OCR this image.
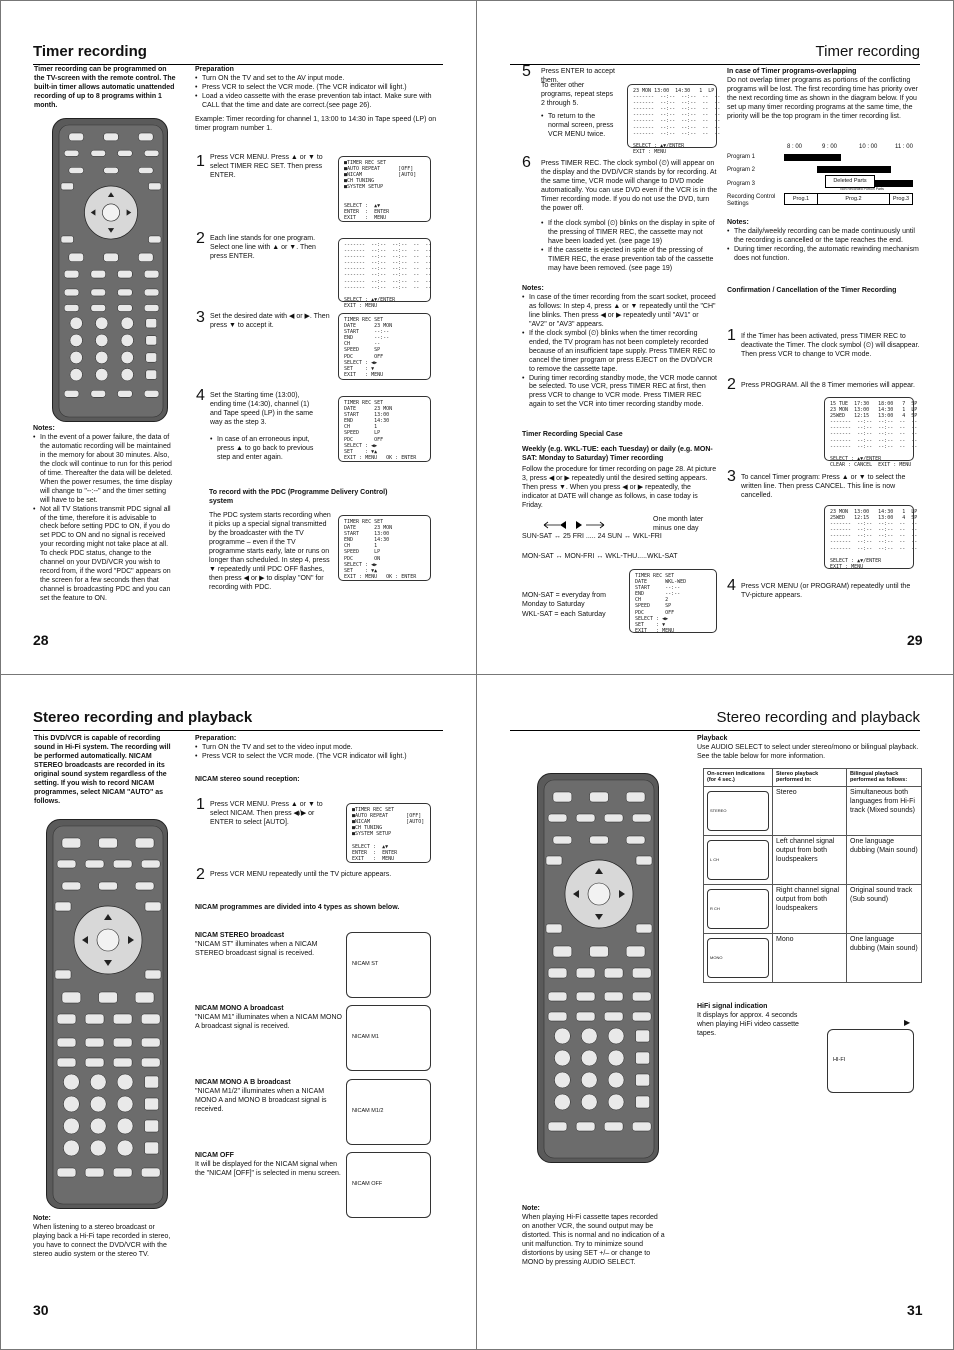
Timer recording
Timer recording can be programmed on the TV-screen with the remote control. The built-in timer allows automatic unattended recording of up to 8 programs within 1 month.
Notes:
• In the event of a power failure, the data of the automatic recording will be maintained in the memory for about 30 minutes. Also, the clock will continue to run for this period of time. Thereafter the data will be deleted. When the power resumes, the time display will change to "--:--" and the timer setting will have to be set.
• Not all TV Stations transmit PDC signal all of the time, therefore it is advisable to check before setting PDC to ON, if you do set PDC to ON and no signal is received your recording might not take place at all. To check PDC status, change to the channel on your DVD/VCR you wish to record from, if the word "PDC" appears on the screen for a few seconds then that channel is broadcasting PDC and you can set the feature to ON.
Preparation
• Turn ON the TV and set to the AV input mode.
• Press VCR to select the VCR mode. (The VCR indicator will light.)
• Load a video cassette with the erase prevention tab intact. Make sure with CALL that the time and date are correct.(see page 26).

Example: Timer recording for channel 1, 13:00 to 14:30 in Tape speed (LP) on timer program number 1.

1 Press VCR MENU. Press ▲ or ▼ to select TIMER REC SET. Then press ENTER.
■TIMER REC SET
■AUTO REPEAT      [OFF]
■NICAM            [AUTO]
■CH TUNING
■SYSTEM SETUP

SELECT :  ▲▼
ENTER  :  ENTER
EXIT   :  MENU
2 Each line stands for one program. Select one line with ▲ or ▼. Then press ENTER.
-------  --:--  --:--  --  --
-------  --:--  --:--  --  --
-------  --:--  --:--  --  --
-------  --:--  --:--  --  --
-------  --:--  --:--  --  --
-------  --:--  --:--  --  --
-------  --:--  --:--  --  --
-------  --:--  --:--  --  --

SELECT : ▲▼/ENTER
EXIT : MENU
3 Set the desired date with ◀ or ▶. Then press ▼ to accept it.
TIMER REC SET
DATE      23 MON
START     --:--
END       --:--
CH        --
SPEED     SP
PDC       OFF
SELECT : ◀▶
SET    : ▼
EXIT   : MENU
4 Set the Starting time (13:00), ending time (14:30), channel (1) and Tape speed (LP) in the same way as the step 3.
• In case of an erroneous input, press ▲ to go back to previous step and enter again.
TIMER REC SET
DATE      23 MON
START     13:00
END       14:30
CH        1
SPEED     LP
PDC       OFF
SELECT : ◀▶
SET    : ▼▲
EXIT : MENU   OK : ENTER
To record with the PDC (Programme Delivery Control) system
The PDC system starts recording when it picks up a special signal transmitted by the broadcaster with the TV programme – even if the TV programme starts early, late or runs on longer than scheduled. In step 4, press ▼ repeatedly until PDC OFF flashes, then press ◀ or ▶ to display "ON" for recording with PDC.
TIMER REC SET
DATE      23 MON
START     13:00
END       14:30
CH        1
SPEED     LP
PDC       ON
SELECT : ◀▶
SET    : ▼▲
EXIT : MENU   OK : ENTER
28
Timer recording
5 Press ENTER to accept them.
To enter other programs, repeat steps 2 through 5.
• To return to the normal screen, press VCR MENU twice.
23 MON 13:00  14:30   1  LP
-------  --:--  --:--  --  --
-------  --:--  --:--  --  --
-------  --:--  --:--  --  --
-------  --:--  --:--  --  --
-------  --:--  --:--  --  --
-------  --:--  --:--  --  --
-------  --:--  --:--  --  --

SELECT : ▲▼/ENTER
EXIT : MENU
6 Press TIMER REC. The clock symbol (⏲) will appear on the display and the DVD/VCR stands by for recording. At the same time, VCR mode will change to DVD mode automatically. You can use DVD even if the VCR is in the Timer recording mode. If you do not use the DVD, turn the power off.
• If the clock symbol (⏲) blinks on the display in spite of the pressing of TIMER REC, the cassette may not have been loaded yet. (see page 19)
• If the cassette is ejected in spite of the pressing of TIMER REC, the erase prevention tab of the cassette may have been removed. (see page 19)
Notes:
• In case of the timer recording from the scart socket, proceed as follows: In step 4, press ▲ or ▼ repeatedly until the "CH" line blinks. Then press ◀ or ▶ repeatedly until "AV1" or "AV2" or "AV3" appears.
• If the clock symbol (⏲) blinks when the timer recording ended, the TV program has not been completely recorded because of an insufficient tape supply. Press TIMER REC to cancel the timer program or press EJECT on the DVD/VCR to remove the cassette tape.
• During timer recording standby mode, the VCR mode cannot be selected. To use VCR, press TIMER REC at first, then press VCR to change to VCR mode. Press TIMER REC again to set the VCR into timer recording standby mode.
Timer Recording Special Case
Weekly (e.g. WKL-TUE: each Tuesday) or daily (e.g. MON-SAT: Monday to Saturday) Timer recording
Follow the procedure for timer recording on page 28. At picture 3, press ◀ or ▶ repeatedly until the desired setting appears. Then press ▼. When you press ◀ or ▶ repeatedly, the indicator at DATE will change as follows, in case today is Friday.
One month later minus one day
SUN-SAT ↔ 25 FRI ..... 24 SUN ↔ WKL-FRI
MON-SAT ↔ MON-FRI ↔ WKL-THU.....WKL-SAT
MON-SAT = everyday from Monday to Saturday
WKL-SAT = each Saturday
TIMER REC SET
DATE      WKL-WED
START     --:--
END       --:--
CH        2
SPEED     SP
PDC       OFF
SELECT : ◀▶
SET    : ▼
EXIT   : MENU
In case of Timer programs-overlapping
Do not overlap timer programs as portions of the conflicting programs will be lost. The first recording time has priority over the next recording time as shown in the diagram below. If you set up many timer recording programs at the same time, the priority will be the top program in the timer recording list.
8 : 00	9 : 00	10 : 00	11 : 00
Program 1
Program 2
Program 3
Recording Control Settings
Deleted Parts
Non Recorded Portion Parts
Prog.1	Prog.2	Prog.3
Notes:
• The daily/weekly recording can be made continuously until the recording is cancelled or the tape reaches the end.
• During timer recording, the automatic rewinding mechanism does not function.
Confirmation / Cancellation of the Timer Recording
1 If the Timer has been activated, press TIMER REC to deactivate the Timer. The clock symbol (⏲) will disappear. Then press VCR to change to VCR mode.
2 Press PROGRAM. All the 8 Timer memories will appear.
15 TUE  17:30   18:00   7  SP
23 MON  13:00   14:30   1  LP
25WED   12:15   13:00   4  SP
-------  --:--  --:--  --  --
-------  --:--  --:--  --  --
-------  --:--  --:--  --  --
-------  --:--  --:--  --  --
-------  --:--  --:--  --  --

SELECT : ▲▼/ENTER
CLEAR : CANCEL  EXIT : MENU
3 To cancel Timer program: Press ▲ or ▼ to select the written line. Then press CANCEL. This line is now cancelled.
23 MON  13:00   14:30   1  LP
25WED   12:15   13:00   4  SP
-------  --:--  --:--  --  --
-------  --:--  --:--  --  --
-------  --:--  --:--  --  --
-------  --:--  --:--  --  --
-------  --:--  --:--  --  --

SELECT : ▲▼/ENTER
EXIT : MENU
4 Press VCR MENU (or PROGRAM) repeatedly until the TV-picture appears.
29
Stereo recording and playback
This DVD/VCR is capable of recording sound in Hi-Fi system. The recording will be performed automatically. NICAM STEREO broadcasts are recorded in its original sound system regardless of the setting. If you wish to record NICAM programmes, select NICAM "AUTO" as follows.
Note:

When listening to a stereo broadcast or playing back a Hi-Fi tape recorded in stereo, you have to connect the DVD/VCR with the stereo audio system or the stereo TV.

Preparation:
• Turn ON the TV and set to the video input mode.
• Press VCR to select the VCR mode. (The VCR indicator will light.)
NICAM stereo sound reception:
1 Press VCR MENU. Press ▲ or ▼ to select NICAM. Then press ◀/▶ or ENTER to select [AUTO].
■TIMER REC SET
■AUTO REPEAT      [OFF]
■NICAM            [AUTO]
■CH TUNING
■SYSTEM SETUP

SELECT :  ▲▼
ENTER  :  ENTER
EXIT   :  MENU
2 Press VCR MENU repeatedly until the TV picture appears.
NICAM programmes are divided into 4 types as shown below.
NICAM STEREO broadcast

"NICAM ST" illuminates when a NICAM STEREO broadcast signal is received.

NICAM ST
NICAM MONO A broadcast

"NICAM M1" illuminates when a NICAM MONO A broadcast signal is received.

NICAM M1
NICAM MONO A B broadcast

"NICAM M1/2" illuminates when a NICAM MONO A and MONO B broadcast signal is received.	NICAM M1/2
NICAM OFF

It will be displayed for the NICAM signal when the "NICAM [OFF]" is selected in menu screen.

NICAM OFF
30
Stereo recording and playback
Playback

Use AUDIO SELECT to select under stereo/mono or bilingual playback. See the table below for more information.

On-screen indications (for 4 sec.)	Stereo playback performed in:	Bilingual playback performed as follows:

STEREO	Stereo	Simultaneous both languages from Hi-Fi track (Mixed sounds)

L CH	Left channel signal output from both loudspeakers	One language dubbing (Main sound)

R CH	Right channel signal output from both loudspeakers	Original sound track (Sub sound)

MONO	Mono	One language dubbing (Main sound)
HiFi signal indication

It displays for approx. 4 seconds when playing HiFi video cassette tapes.

▶
HI-FI
Note:

When playing Hi-Fi cassette tapes recorded on another VCR, the sound output may be distorted. This is normal and no indication of a unit malfunction. Try to minimize sound distortions by using SET +/– or change to MONO by pressing AUDIO SELECT.

31
